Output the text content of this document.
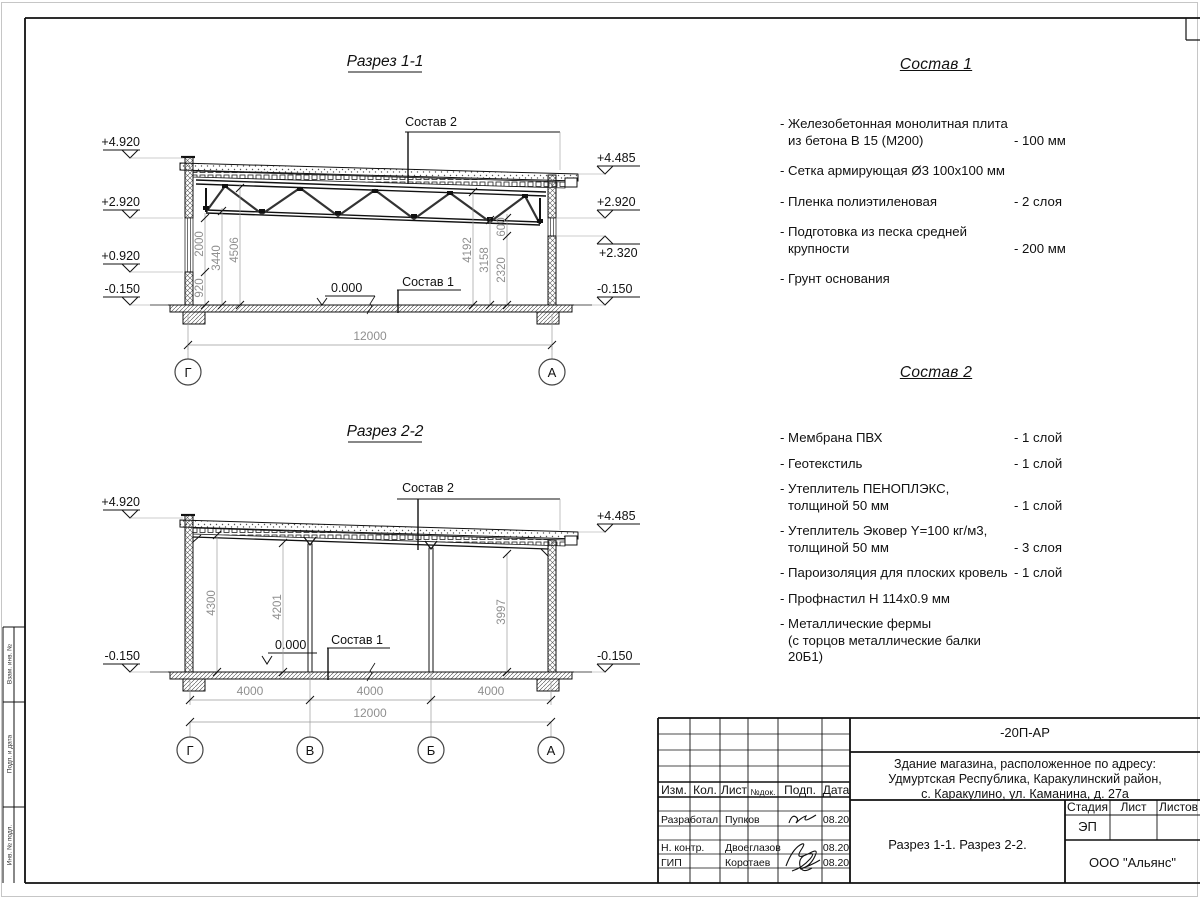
Взам. инв. №
Подп. и дата
Инв. № подл.
Разрез 1-1
+4.920
+2.920
+0.920
-0.150
+4.485
+2.920
+2.320
-0.150
0.000	Состав 1
Состав 2
920
2000
3440 4506	4192 3158 2320
600
12000
Г	А
Разрез 2-2
+4.920
-0.150
+4.485
-0.150
0.000 Состав 1
Состав 2
4300	4201	3997
4000	4000	4000
12000
Г	В	Б	А
Состав 1
- Железобетонная монолитная плита
из бетона В 15 (М200)	- 100 мм
- Сетка армирующая Ø3 100х100 мм
- Пленка полиэтиленовая	- 2 слоя
- Подготовка из песка средней
крупности	- 200 мм
- Грунт основания
Состав 2
- Мембрана ПВХ	- 1 слой
- Геотекстиль	- 1 слой
- Утеплитель ПЕНОПЛЭКС,
толщиной 50 мм	- 1 слой
- Утеплитель Эковер Y=100 кг/м3,
толщиной 50 мм	- 3 слоя
- Пароизоляция для плоских кровель - 1 слой
- Профнастил Н 114х0.9 мм
- Металлические фермы
(с торцов металлические балки 20Б1)
-20П-АР
Здание магазина, расположенное по адресу:
Удмуртская Республика, Каракулинский район,
с. Каракулино, ул. Каманина, д. 27а
Изм. Кол. Лист №док. Подп. Дата
Разработал Пупков	08.20
Н. контр. Двоеглазов	08.20
ГИП	Коротаев	08.20
Стадия	Лист	Листов
ЭП
Разрез 1-1. Разрез 2-2.
ООО "Альянс"
